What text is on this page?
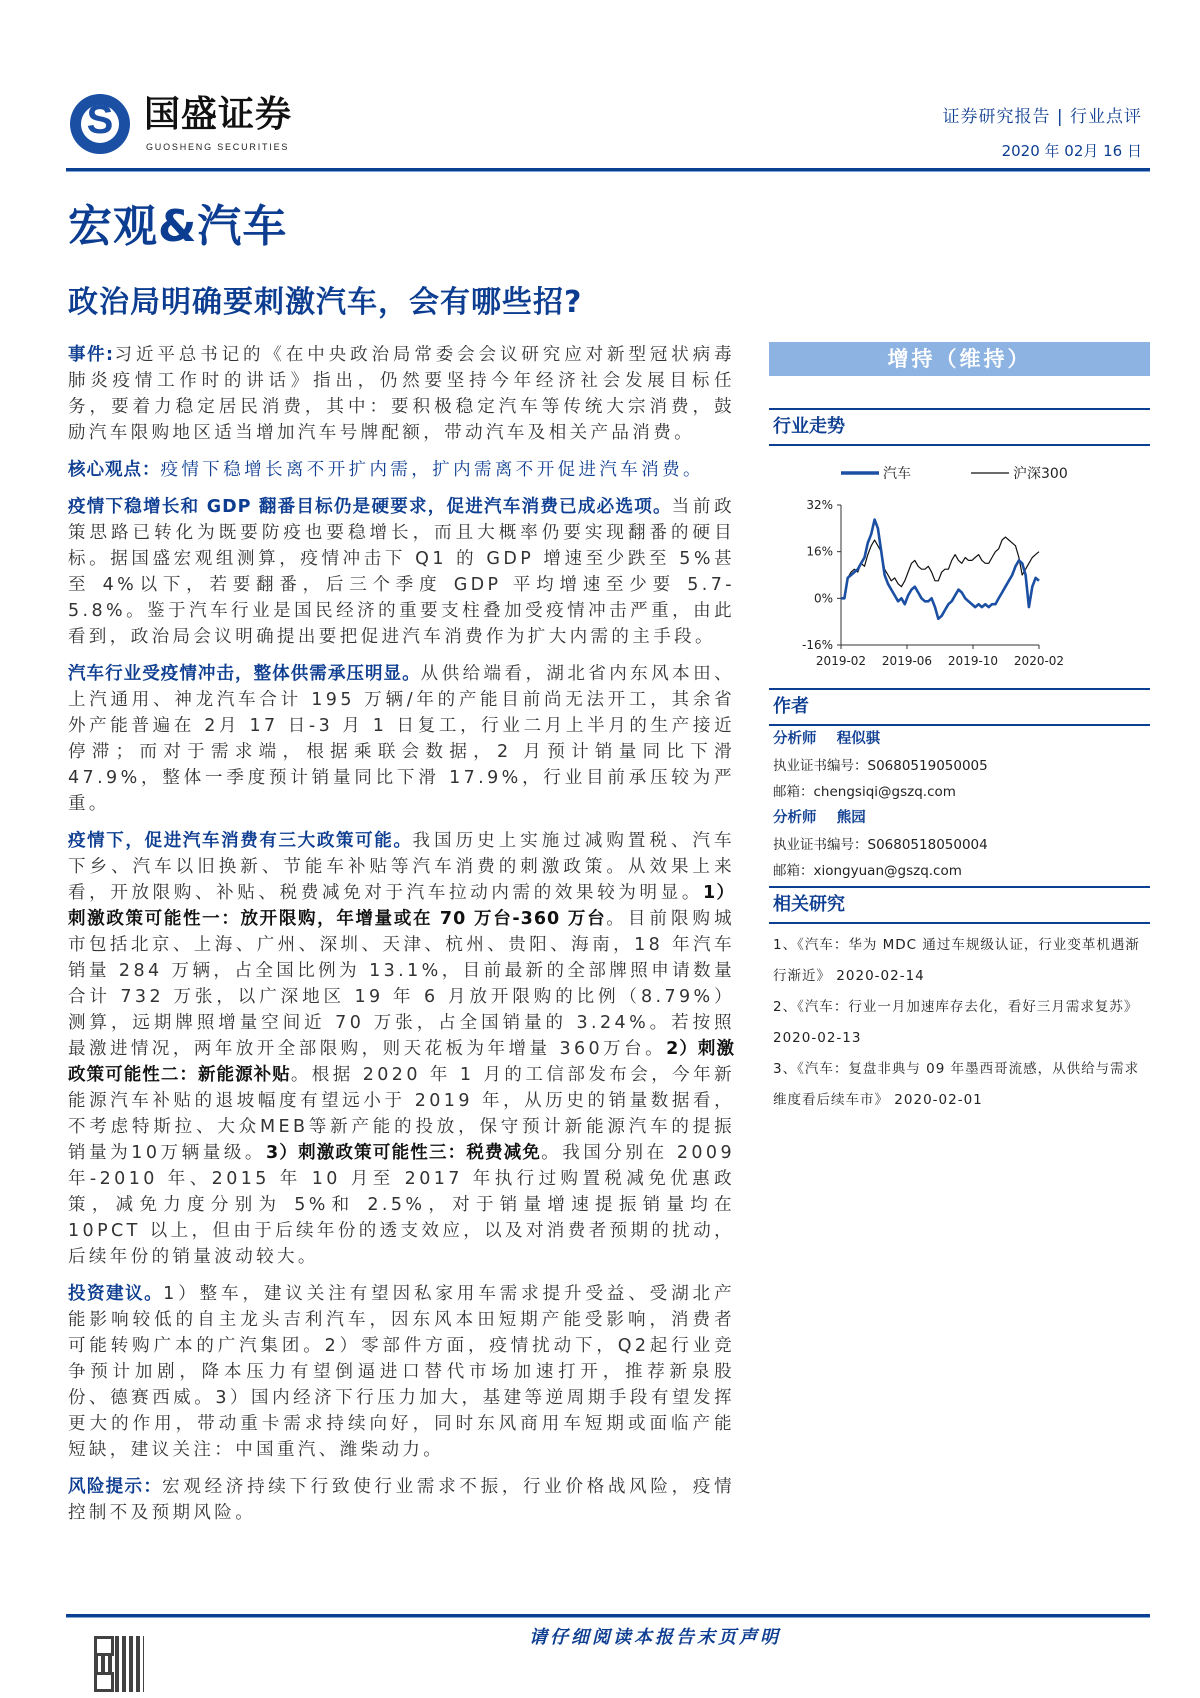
S
国盛证券
GUOSHENG SECURITIES
证券研究报告 | 行业点评
2020 年 02月 16 日
宏观&汽车
政治局明确要刺激汽车，会有哪些招?

事件:习近平总书记的《在中央政治局常委会会议研究应对新型冠状病毒肺炎疫情工作时的讲话》指出，仍然要坚持今年经济社会发展目标任务，要着力稳定居民消费，其中：要积极稳定汽车等传统大宗消费，鼓励汽车限购地区适当增加汽车号牌配额，带动汽车及相关产品消费。

核心观点：疫情下稳增长离不开扩内需，扩内需离不开促进汽车消费。

疫情下稳增长和 GDP 翻番目标仍是硬要求，促进汽车消费已成必选项。当前政策思路已转化为既要防疫也要稳增长，而且大概率仍要实现翻番的硬目标。据国盛宏观组测算，疫情冲击下 Q1 的 GDP 增速至少跌至 5%甚至 4%以下，若要翻番，后三个季度 GDP 平均增速至少要 5.7-5.8%。鉴于汽车行业是国民经济的重要支柱叠加受疫情冲击严重，由此看到，政治局会议明确提出要把促进汽车消费作为扩大内需的主手段。

汽车行业受疫情冲击，整体供需承压明显。从供给端看，湖北省内东风本田、上汽通用、神龙汽车合计 195 万辆/年的产能目前尚无法开工，其余省外产能普遍在 2月 17 日-3 月 1 日复工，行业二月上半月的生产接近停滞；而对于需求端，根据乘联会数据，2 月预计销量同比下滑 47.9%，整体一季度预计销量同比下滑 17.9%，行业目前承压较为严重。

疫情下，促进汽车消费有三大政策可能。我国历史上实施过减购置税、汽车下乡、汽车以旧换新、节能车补贴等汽车消费的刺激政策。从效果上来看，开放限购、补贴、税费减免对于汽车拉动内需的效果较为明显。1）刺激政策可能性一：放开限购，年增量或在 70 万台-360 万台。目前限购城市包括北京、上海、广州、深圳、天津、杭州、贵阳、海南，18 年汽车销量 284 万辆，占全国比例为 13.1%，目前最新的全部牌照申请数量合计 732 万张，以广深地区 19 年 6 月放开限购的比例（8.79%）测算，远期牌照增量空间近 70 万张，占全国销量的 3.24%。若按照最激进情况，两年放开全部限购，则天花板为年增量 360万台。2）刺激政策可能性二：新能源补贴。根据 2020 年 1 月的工信部发布会，今年新能源汽车补贴的退坡幅度有望远小于 2019 年，从历史的销量数据看，不考虑特斯拉、大众MEB等新产能的投放，保守预计新能源汽车的提振销量为10万辆量级。3）刺激政策可能性三：税费减免。我国分别在 2009 年-2010 年、2015 年 10 月至 2017 年执行过购置税减免优惠政策，减免力度分别为 5%和 2.5%，对于销量增速提振销量均在 10PCT 以上，但由于后续年份的透支效应，以及对消费者预期的扰动，后续年份的销量波动较大。

投资建议。1）整车，建议关注有望因私家用车需求提升受益、受湖北产能影响较低的自主龙头吉利汽车，因东风本田短期产能受影响，消费者可能转购广本的广汽集团。2）零部件方面，疫情扰动下，Q2起行业竞争预计加剧，降本压力有望倒逼进口替代市场加速打开，推荐新泉股份、德赛西威。3）国内经济下行压力加大，基建等逆周期手段有望发挥更大的作用，带动重卡需求持续向好，同时东风商用车短期或面临产能短缺，建议关注：中国重汽、潍柴动力。

风险提示：宏观经济持续下行致使行业需求不振，行业价格战风险，疫情控制不及预期风险。

增持（维持）
行业走势
汽车	沪深300
32%
16%
0%
-16%
2019-02 2019-06 2019-10 2020-02
作者
分析师 程似骐
执业证书编号：S0680519050005
邮箱：chengsiqi@gszq.com
分析师 熊园
执业证书编号：S0680518050004
邮箱：xiongyuan@gszq.com
相关研究
1、《汽车：华为 MDC 通过车规级认证，行业变革机遇渐行渐近》 2020-02-14
2、《汽车：行业一月加速库存去化，看好三月需求复苏》 2020-02-13
3、《汽车：复盘非典与 09 年墨西哥流感，从供给与需求维度看后续车市》 2020-02-01
请仔细阅读本报告末页声明
